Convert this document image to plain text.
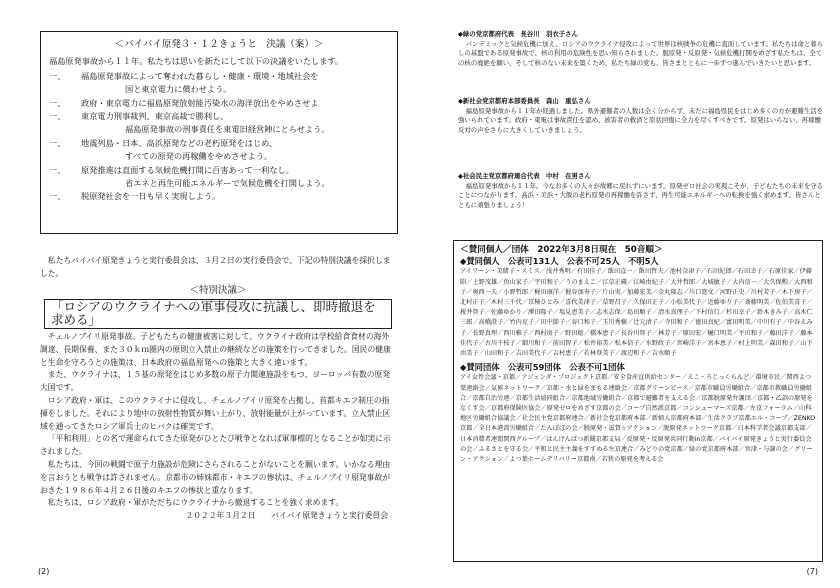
＜バイバイ原発３・１２きょうと　決議（案）＞
福島原発事故から１１年。私たちは思いを新たにして以下の決議をいたします。
一、	福島原発事故によって奪われた暮らし・健康・環境・地域社会を
国と東京電力に償わせよう。
一、	政府・東京電力に福島原発放射能汚染水の海洋放出をやめさせよ
一、	東京電力刑事裁判、東京高裁で勝利し、
福島原発事故の刑事責任を東電旧経営陣にとらせよう。
一、	地震列島・日本、高浜原発などの老朽原発をはじめ、
すべての原発の再稼働をやめさせよう。
一、	原発推進は直面する気候危機打開に百害あって一利なし。
省エネと再生可能エネルギーで気候危機を打開しよう。
一、	脱原発社会を一日も早く実現しよう。
私たちバイバイ原発きょうと実行委員会は、３月２日の実行委員会で、下記の特別決議を採択しました。
＜特別決議＞
「ロシアのウクライナへの軍事侵攻に抗議し、即時撤退を求める」
チェルノブイリ原発事故、子どもたちの健康被害に対して、ウクライナ政府は学校給食食材の海外調達、長期保養、また３０ｋｍ圏内の原則立入禁止の継続などの施策を行ってきました。国民の健康と生命を守ろうとの施策は、日本政府の福島原発への施策と大きく違います。
また、ウクライナは、１５基の原発をはじめ多数の原子力関連施設をもつ、ヨーロッパ有数の原発大国です。
ロシア政府・軍は、このウクライナに侵攻し、チェルノブイリ原発を占拠し、首都キエフ制圧の指揮をしました。それにより地中の放射性物質が舞い上がり、放射能量が上がっています。立入禁止区域を通ってきたロシア軍兵士のヒバクは確実です。
「平和利用」との名で運命られてきた原発がひとたび戦争となれば軍事標的となることが如実に示されました。
私たちは、今回の戦闘で原子力施設が危険にさらされることがないことを願います。いかなる理由を言おうとも戦争は許されません。京都市の姉妹都市・キエフの惨状は、チェルノブイリ原発事故がおきた１９８６年４月２６日後のキエフの惨状と重なります。
私たちは、ロシア政府・軍がただちにウクライナから撤退することを強く求めます。
２０２２年３月２日　　バイバイ原発きょうと実行委員会
(2)
◆緑の党京都府代表　長谷川　羽衣子さん
パンデミックと気候危機に加え、ロシアのウクライナ侵攻によって世界は核戦争の危機に直面しています。私たちは命と暮らしの基盤である原発事故で、核の利用の危険性を思い知らされました。脱原発・反原発・気候危機打開をめざす私たちは、全ての核の廃絶を願い、そして核のない未来を築くため、私たち緑の党も、皆さまとともに一歩ずつ進んでいきたいと思います。
◆新社会党京都府本部委員長　森山　重弘さん
福島原発事故から１１年が経過しました。県外避難者の人数は全く分からず、未だに福島県民をはじめ多くの方が避難生活を強いられています。政府・東電は事故責任を認め、被害者の救済と原状回復に全力を尽くすべきです。原発はいらない、再稼働反対の声をさらに大きくしていきましょう。
◆社会民主党京都府連合代表　中村　在男さん
福島原発事故から１１年。今なお多くの人々が故郷に戻れずにいます。原発ゼロ社会の実現こそが、子どもたちの未来を守ることにつながります。高浜・美浜・大飯の老朽原発の再稼働を許さず、再生可能エネルギーへの転換を強く求めます。皆さんとともに頑張りましょう！
＜賛同個人／団体　2022年3月8日現在　50音順＞
◆賛同個人　公表可131人　公表不可25人　不明5人
アイリーン・美緒子・スミス／浅井秀明／有田佳子／飯田直一／飯田哲夫／池村奈津子／石田紀郎／石田幸子／石原佳家／伊藤昭／上野茂雄／魚山家子／宇田和子／うのまえこ／江草正蔵／江崎由紀子／大井哲郎／大城敏子／大内信一／大久保勲／大西和子／奥西一夫／小野哲郎／梶田康洋／梶谷加寿子／片山実／加藤宏美／金丸隆志／川口寛文／河野正史／川村芳子／木下房子／北村正子／木村三千代／京極ひとみ／喜代美津子／草野昌子／久保田正子／小松美代子／近藤ゆり子／斎藤明美／佐伯美喜子／桜井智子／佐藤ゆかり／澤田隆子／塩見恵美子／志水志保／島田順子／清水真理子／下村信行／杉田幸子／鈴木きみ子／高木仁三郎／高橋澄子／竹内克子／田中節子／谷口和子／玉川秀樹／辻元清子／寺田和子／徳田真紀／富田明美／中川有子／中谷えみ子／長野真理／西川雅子／西村房子／野田稔／橋本恵子／長谷川智子／林芳子／原田宏／樋口明美／平田和子／藤田洋子／藤本佳代子／古川千枝子／細川和子／前田智子／松井裕美／松本信子／水野政子／宮崎洋子／宮本恵子／村上明美／森田和子／山下由美子／山田和子／吉田美代子／吉村恵子／若林登美子／渡辺和子／吉水順子
◆賛同団体　公表可59団体　公表不可1団体
アイ女性会議・京都／アジェンダ・プロジェクト京都／安全食産直供給センター／えこ・ろじっくらんど／環境市民／関西よつ葉連絡会／気候ネットワーク／京都・水と緑をまもる連絡会／京都グリーンピース／京都市職員労働組合／京都市教職員労働組合／京都自治労連／京都生活協同組合／京都地域労働組合／京都で避難者を支える会／京都脱原発弁護団／京都・乙訓の原発をなくす会／京都府保険医協会／原発ゼロをめざす京都の会／コープ自然派京都／コンシューマーズ京都／左京フォーラム／山科地区労働組合協議会／社会民主党京都府連合／新社会党京都府本部／新婦人京都府本部／生活クラブ京都エル・コープ／ZENKO京都／全日本港湾労働組合／たんぽぽの会／脱原発・滋賀☆アクション／脱原発ネットワーク京都／日本科学者会議京都支部／日本消費者連盟関西グループ／はんげんぱつ新聞京都支局／反原発・反原発共同行動in京都／バイバイ原発きょうと実行委員会の会／ふるさとを守る会／平和と民主主義をすすめる左京連合／みどりの党京都／緑の党京都府本部／宮津・与謝の会／グリーン・アクション／よつ葉ホームデリバリー京都南／若狭の原発を考える会
(7)
